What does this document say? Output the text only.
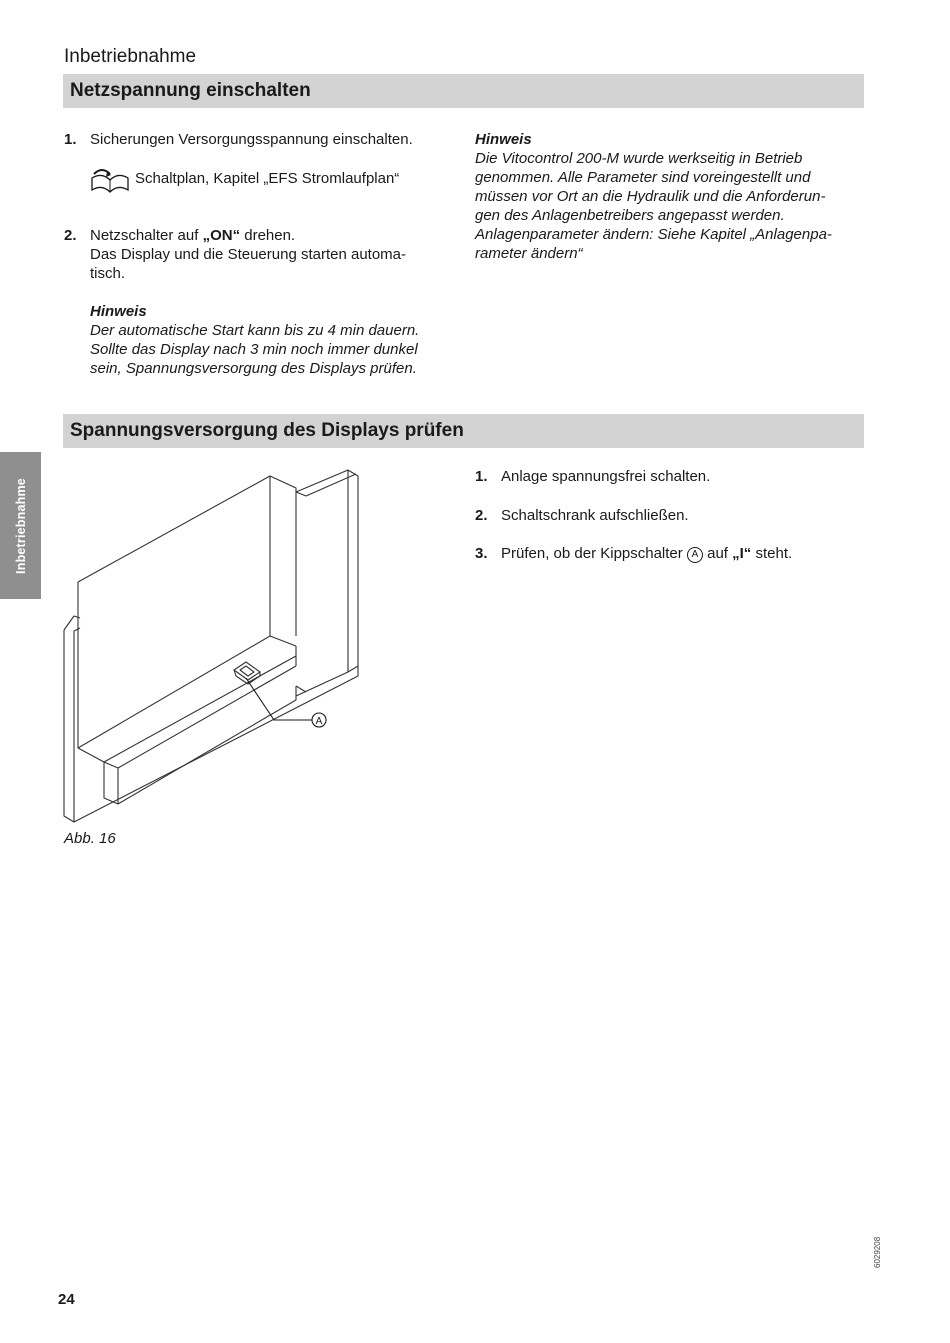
Inbetriebnahme
Inbetriebnahme
Netzspannung einschalten
1. Sicherungen Versorgungsspannung einschalten.
Schaltplan, Kapitel „EFS Stromlaufplan“
2. Netzschalter auf „ON“ drehen.
Das Display und die Steuerung starten automa-
tisch.
Hinweis
Der automatische Start kann bis zu 4 min dauern.
Sollte das Display nach 3 min noch immer dunkel
sein, Spannungsversorgung des Displays prüfen.
Hinweis
Die Vitocontrol 200-M wurde werkseitig in Betrieb
genommen. Alle Parameter sind voreingestellt und
müssen vor Ort an die Hydraulik und die Anforderun-
gen des Anlagenbetreibers angepasst werden.
Anlagenparameter ändern: Siehe Kapitel „Anlagenpa-
rameter ändern“
Spannungsversorgung des Displays prüfen
A
Abb. 16
1. Anlage spannungsfrei schalten.
2. Schaltschrank aufschließen.
3. Prüfen, ob der Kippschalter A auf „I“ steht.
24
6029208
